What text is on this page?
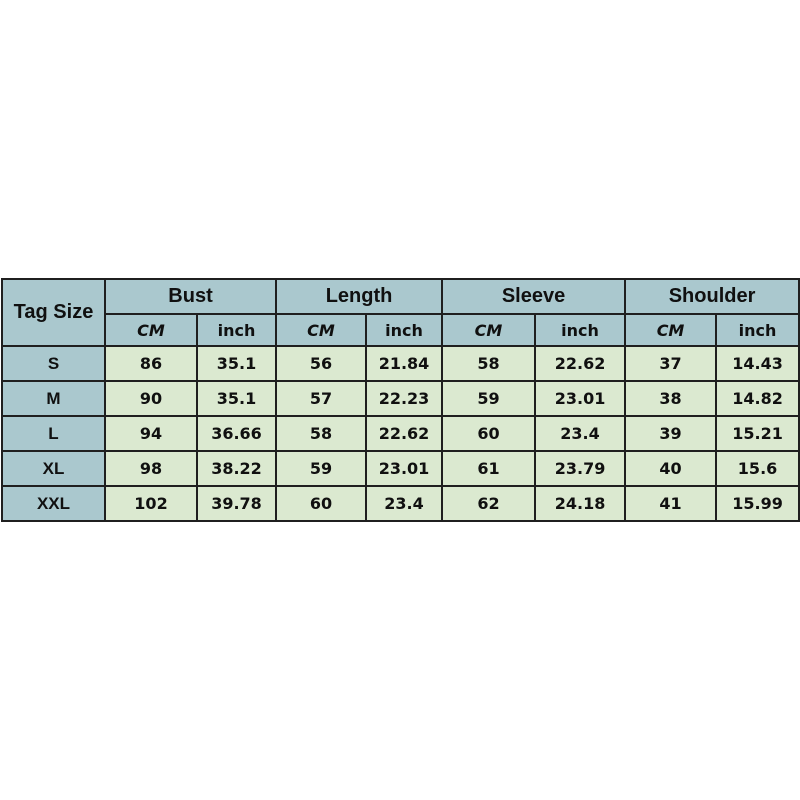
Tag Size	Bust		Length		Sleeve		Shoulder	
	CM	inch	CM	inch	CM	inch	CM	inch
S	86	35.1	56	21.84	58	22.62	37	14.43
M	90	35.1	57	22.23	59	23.01	38	14.82
L	94	36.66	58	22.62	60	23.4	39	15.21
XL	98	38.22	59	23.01	61	23.79	40	15.6
XXL	102	39.78	60	23.4	62	24.18	41	15.99
